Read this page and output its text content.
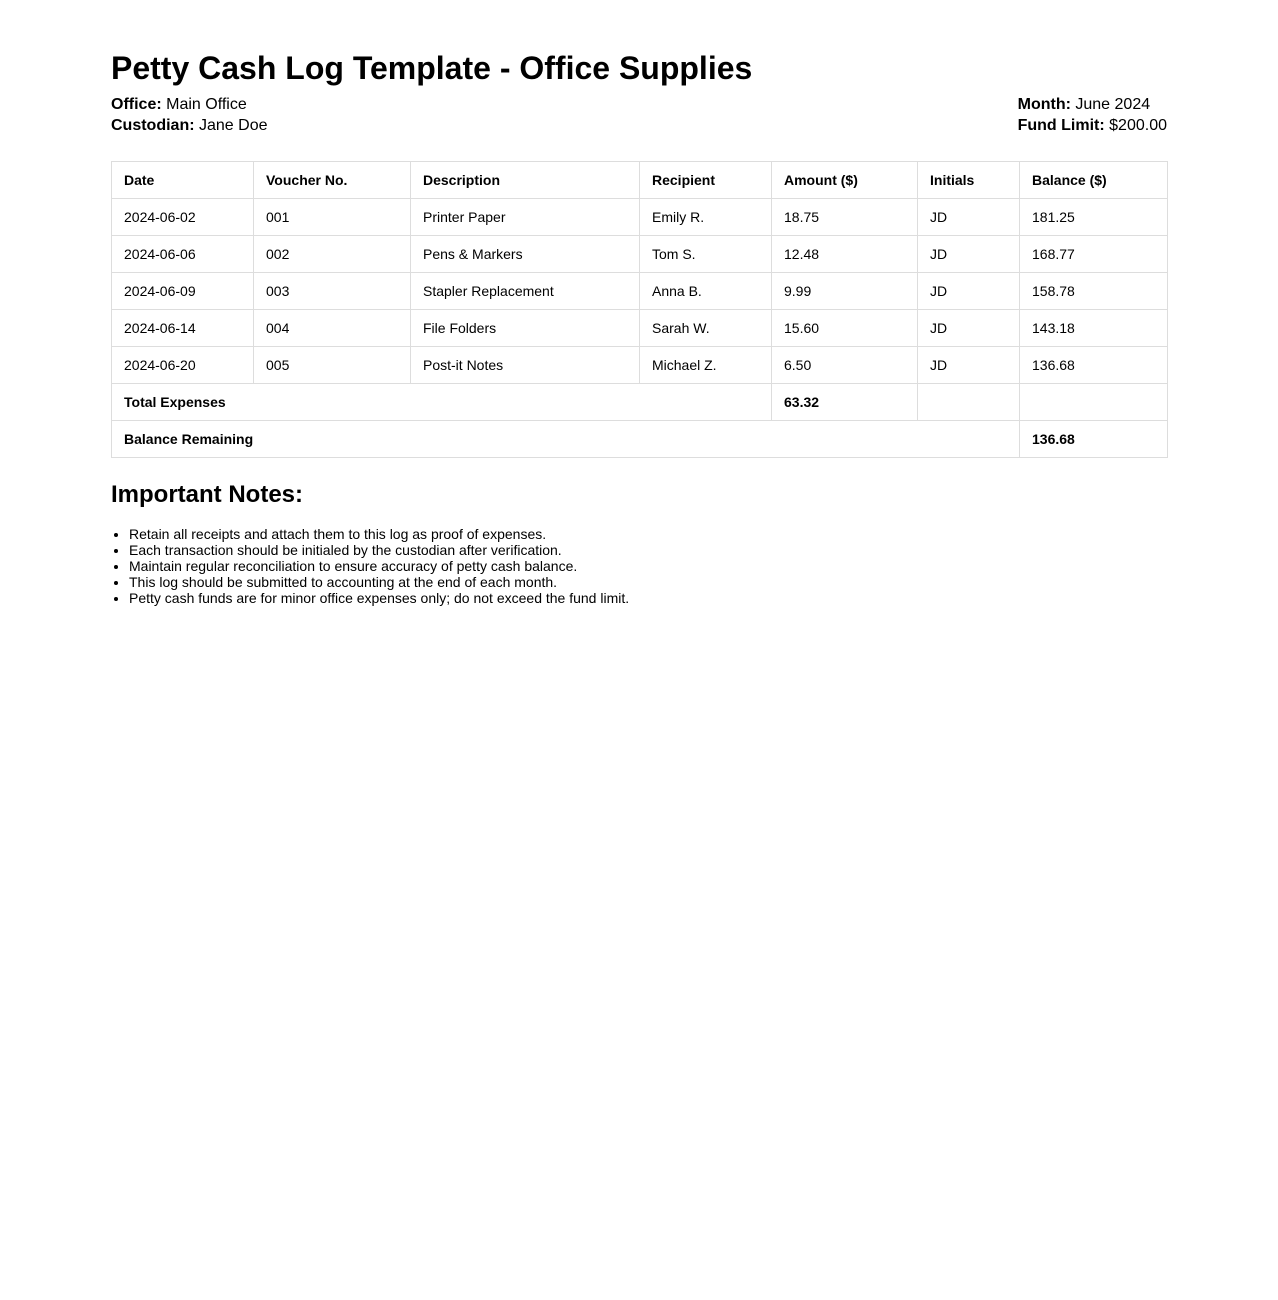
Petty Cash Log Template - Office Supplies
Office: Main Office
Custodian: Jane Doe
Month: June 2024
Fund Limit: $200.00
Date	Voucher No.	Description	Recipient	Amount ($)	Initials	Balance ($)
2024-06-02	001	Printer Paper	Emily R.	18.75	JD	181.25
2024-06-06	002	Pens & Markers	Tom S.	12.48	JD	168.77
2024-06-09	003	Stapler Replacement	Anna B.	9.99	JD	158.78
2024-06-14	004	File Folders	Sarah W.	15.60	JD	143.18
2024-06-20	005	Post-it Notes	Michael Z.	6.50	JD	136.68
Total Expenses				63.32		
Balance Remaining						136.68
Important Notes:
• Retain all receipts and attach them to this log as proof of expenses.
• Each transaction should be initialed by the custodian after verification.
• Maintain regular reconciliation to ensure accuracy of petty cash balance.
• This log should be submitted to accounting at the end of each month.
• Petty cash funds are for minor office expenses only; do not exceed the fund limit.
